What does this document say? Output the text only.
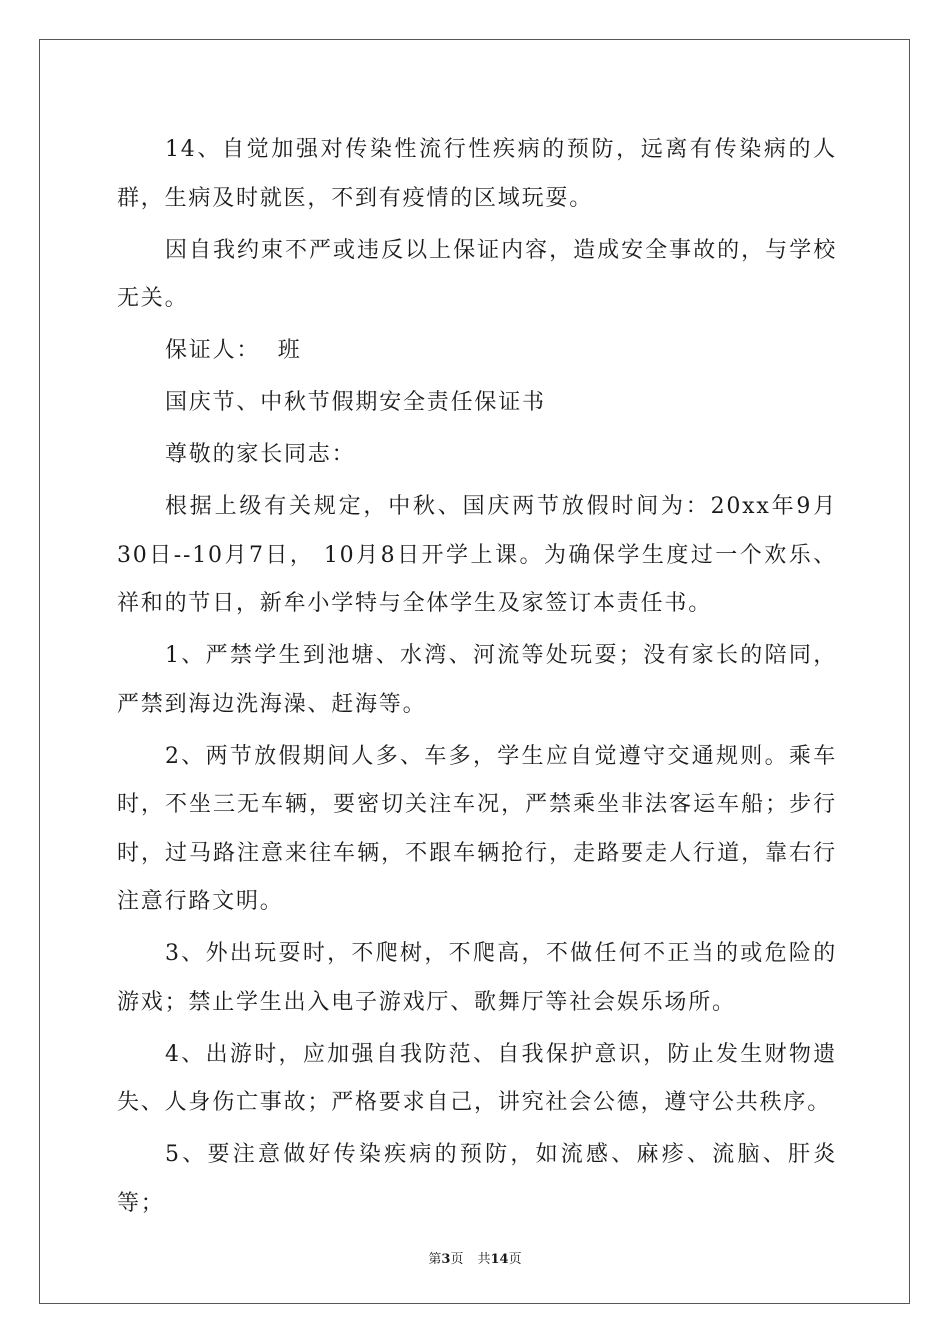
14、自觉加强对传染性流行性疾病的预防，远离有传染病的人群，生病及时就医，不到有疫情的区域玩耍。

因自我约束不严或违反以上保证内容，造成安全事故的，与学校无关。

保证人：  班

国庆节、中秋节假期安全责任保证书

尊敬的家长同志：

根据上级有关规定，中秋、国庆两节放假时间为：20xx年9月30日--10月7日， 10月8日开学上课。为确保学生度过一个欢乐、祥和的节日，新牟小学特与全体学生及家签订本责任书。

1、严禁学生到池塘、水湾、河流等处玩耍；没有家长的陪同，严禁到海边洗海澡、赶海等。

2、两节放假期间人多、车多，学生应自觉遵守交通规则。乘车时，不坐三无车辆，要密切关注车况，严禁乘坐非法客运车船；步行时，过马路注意来往车辆，不跟车辆抢行，走路要走人行道，靠右行注意行路文明。

3、外出玩耍时，不爬树，不爬高，不做任何不正当的或危险的游戏；禁止学生出入电子游戏厅、歌舞厅等社会娱乐场所。

4、出游时，应加强自我防范、自我保护意识，防止发生财物遗失、人身伤亡事故；严格要求自己，讲究社会公德，遵守公共秩序。

5、要注意做好传染疾病的预防，如流感、麻疹、流脑、肝炎等；

第3页 共14页
